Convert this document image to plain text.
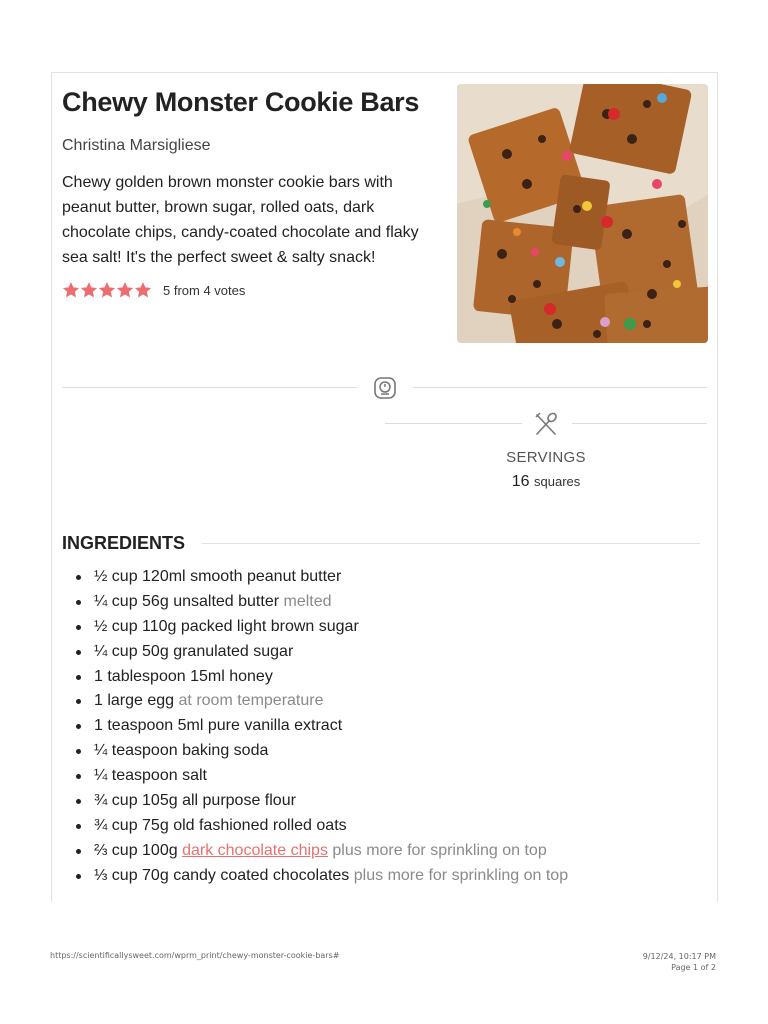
Chewy Monster Cookie Bars
Christina Marsigliese

Chewy golden brown monster cookie bars with peanut butter, brown sugar, rolled oats, dark chocolate chips, candy-coated chocolate and flaky sea salt! It's the perfect sweet & salty snack!

5 from 4 votes
SERVINGS
16 squares
INGREDIENTS
½ cup 120ml smooth peanut butter
¼ cup 56g unsalted butter melted
½ cup 110g packed light brown sugar
¼ cup 50g granulated sugar
1 tablespoon 15ml honey
1 large egg at room temperature
1 teaspoon 5ml pure vanilla extract
¼ teaspoon baking soda
¼ teaspoon salt
¾ cup 105g all purpose flour
¾ cup 75g old fashioned rolled oats
⅔ cup 100g dark chocolate chips plus more for sprinkling on top
⅓ cup 70g candy coated chocolates plus more for sprinkling on top
https://scientificallysweet.com/wprm_print/chewy-monster-cookie-bars#	9/12/24, 10:17 PM
Page 1 of 2
